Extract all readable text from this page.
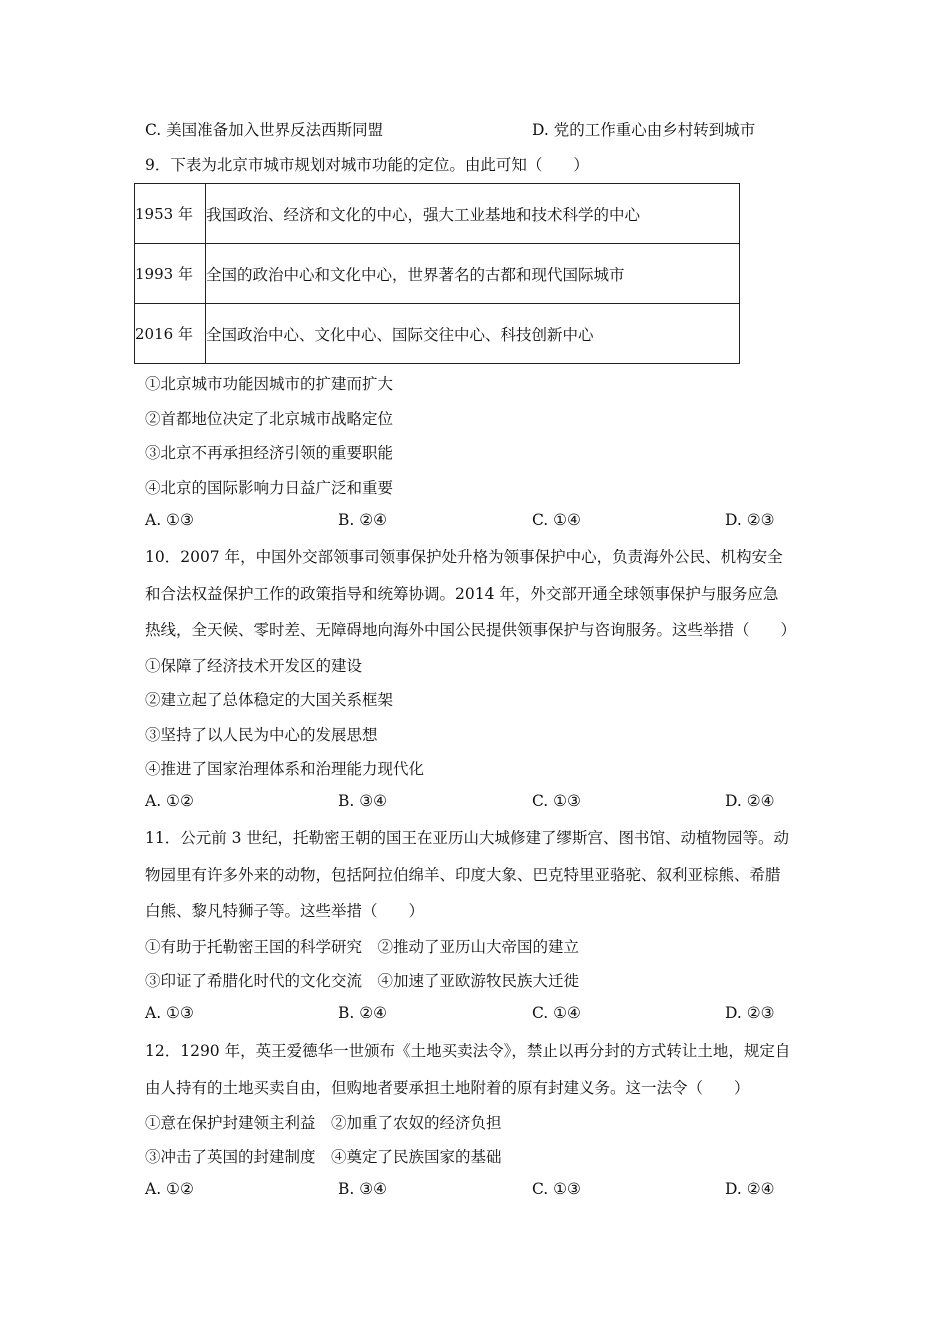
C. 美国准备加入世界反法西斯同盟	D. 党的工作重心由乡村转到城市
9．下表为北京市城市规划对城市功能的定位。由此可知（　　）
1953 年	我国政治、经济和文化的中心，强大工业基地和技术科学的中心
1993 年	全国的政治中心和文化中心，世界著名的古都和现代国际城市
2016 年	全国政治中心、文化中心、国际交往中心、科技创新中心
①北京城市功能因城市的扩建而扩大
②首都地位决定了北京城市战略定位
③北京不再承担经济引领的重要职能
④北京的国际影响力日益广泛和重要
A. ①③	B. ②④	C. ①④	D. ②③
10．2007 年，中国外交部领事司领事保护处升格为领事保护中心，负责海外公民、机构安全
和合法权益保护工作的政策指导和统筹协调。2014 年，外交部开通全球领事保护与服务应急
热线，全天候、零时差、无障碍地向海外中国公民提供领事保护与咨询服务。这些举措（　　）
①保障了经济技术开发区的建设
②建立起了总体稳定的大国关系框架
③坚持了以人民为中心的发展思想
④推进了国家治理体系和治理能力现代化
A. ①②	B. ③④	C. ①③	D. ②④
11．公元前 3 世纪，托勒密王朝的国王在亚历山大城修建了缪斯宫、图书馆、动植物园等。动
物园里有许多外来的动物，包括阿拉伯绵羊、印度大象、巴克特里亚骆驼、叙利亚棕熊、希腊
白熊、黎凡特狮子等。这些举措（　　）
①有助于托勒密王国的科学研究　②推动了亚历山大帝国的建立
③印证了希腊化时代的文化交流　④加速了亚欧游牧民族大迁徙
A. ①③	B. ②④	C. ①④	D. ②③
12．1290 年，英王爱德华一世颁布《土地买卖法令》，禁止以再分封的方式转让土地，规定自
由人持有的土地买卖自由，但购地者要承担土地附着的原有封建义务。这一法令（　　）
①意在保护封建领主利益　②加重了农奴的经济负担
③冲击了英国的封建制度　④奠定了民族国家的基础
A. ①②	B. ③④	C. ①③	D. ②④
